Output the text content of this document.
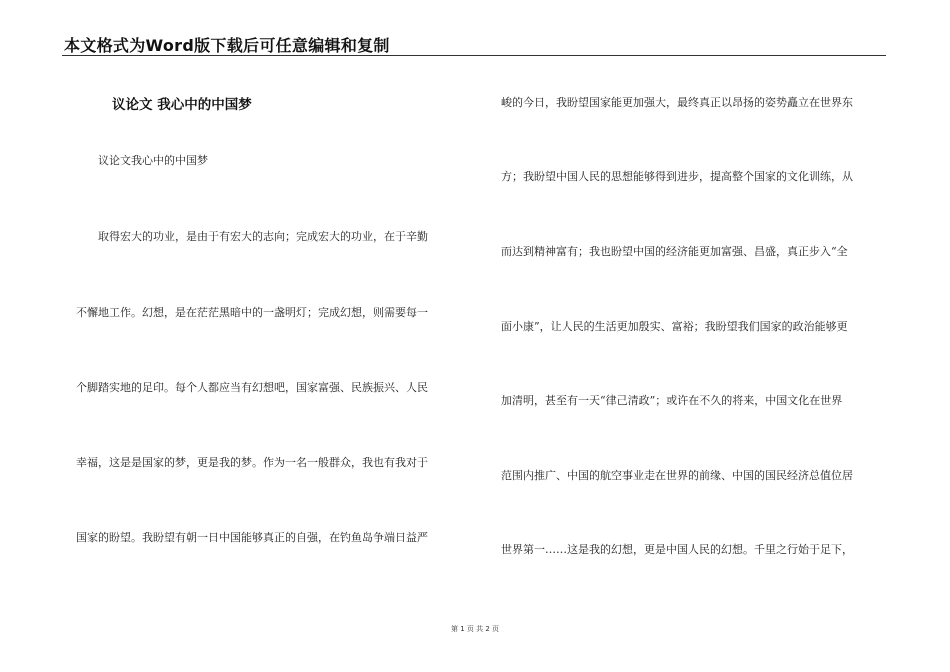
本文格式为Word版下载后可任意编辑和复制
议论文 我心中的中国梦
议论文我心中的中国梦
取得宏大的功业，是由于有宏大的志向；完成宏大的功业，在于辛勤
不懈地工作。幻想，是在茫茫黑暗中的一盏明灯；完成幻想，则需要每一
个脚踏实地的足印。每个人都应当有幻想吧，国家富强、民族振兴、人民
幸福，这是是国家的梦，更是我的梦。作为一名一般群众，我也有我对于
国家的盼望。我盼望有朝一日中国能够真正的自强，在钓鱼岛争端日益严
峻的今日，我盼望国家能更加强大，最终真正以昂扬的姿势矗立在世界东
方；我盼望中国人民的思想能够得到进步，提高整个国家的文化训练，从
而达到精神富有；我也盼望中国的经济能更加富强、昌盛，真正步入“全
面小康”，让人民的生活更加殷实、富裕；我盼望我们国家的政治能够更
加清明，甚至有一天“律己清政”；或许在不久的将来，中国文化在世界
范围内推广、中国的航空事业走在世界的前缘、中国的国民经济总值位居
世界第一……这是我的幻想，更是中国人民的幻想。千里之行始于足下，
第 1 页 共 2 页
